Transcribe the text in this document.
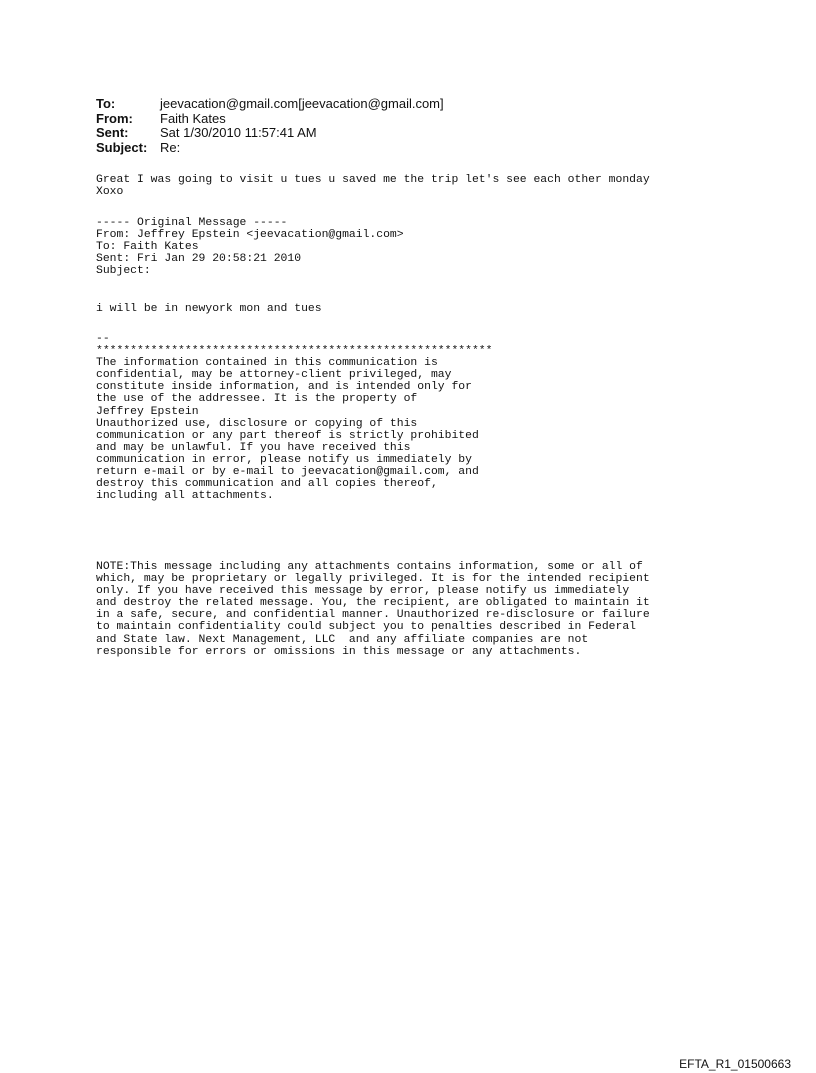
To:	jeevacation@gmail.com[jeevacation@gmail.com]
From:	Faith Kates
Sent:	Sat 1/30/2010 11:57:41 AM
Subject: Re:
Great I was going to visit u tues u saved me the trip let's see each other monday
Xoxo
----- Original Message -----
From: Jeffrey Epstein <jeevacation@gmail.com>
To: Faith Kates
Sent: Fri Jan 29 20:58:21 2010
Subject:
i will be in newyork mon and tues
--
**********************************************************
The information contained in this communication is
confidential, may be attorney-client privileged, may
constitute inside information, and is intended only for
the use of the addressee. It is the property of
Jeffrey Epstein
Unauthorized use, disclosure or copying of this
communication or any part thereof is strictly prohibited
and may be unlawful. If you have received this
communication in error, please notify us immediately by
return e-mail or by e-mail to jeevacation@gmail.com, and
destroy this communication and all copies thereof,
including all attachments.
NOTE:This message including any attachments contains information, some or all of
which, may be proprietary or legally privileged. It is for the intended recipient
only. If you have received this message by error, please notify us immediately
and destroy the related message. You, the recipient, are obligated to maintain it
in a safe, secure, and confidential manner. Unauthorized re-disclosure or failure
to maintain confidentiality could subject you to penalties described in Federal
and State law. Next Management, LLC  and any affiliate companies are not
responsible for errors or omissions in this message or any attachments.
EFTA_R1_01500663
